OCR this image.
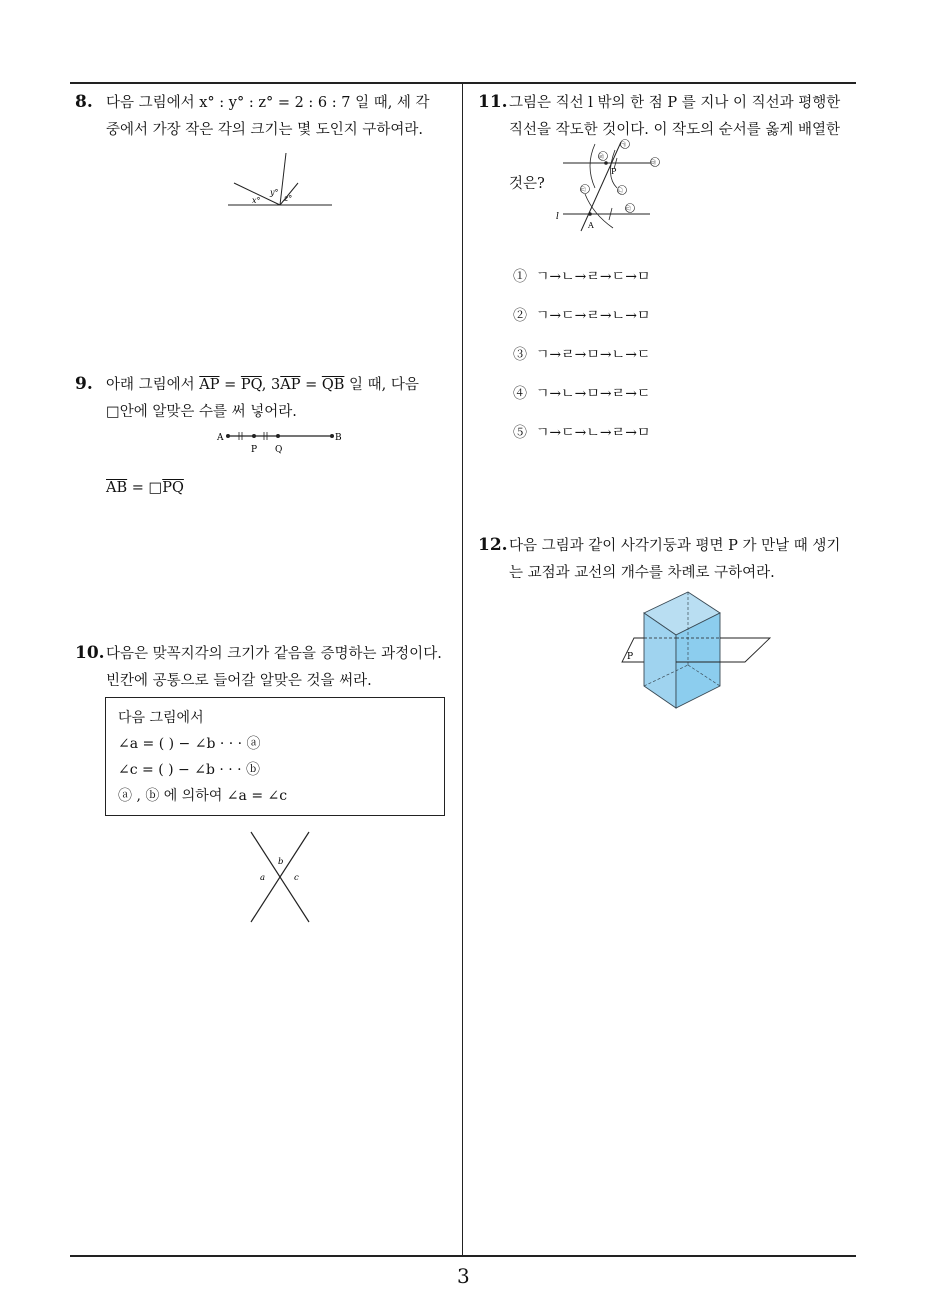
8. 다음 그림에서 x° : y° : z° = 2 : 6 : 7 일 때, 세 각
중에서 가장 작은 각의 크기는 몇 도인지 구하여라.
x°
y°
z°
9. 아래 그림에서 $\overline{AP} = \overline{PQ}$, $3\overline{AP} = \overline{QB}$ 일 때, 다음
□안에 알맞은 수를 써 넣어라.
A
P Q
B
$\overline{AB}$ = $□\overline{PQ}$
10. 다음은 맞꼭지각의 크기가 같음을 증명하는 과정이다.
빈칸에 공통으로 들어갈 알맞은 것을 써라.
다음 그림에서
∠a = ( ) − ∠b · · · ⓐ
∠c = ( ) − ∠b · · · ⓑ
ⓐ , ⓑ 에 의하여 ∠a = ∠c
b
a	c
11. 그림은 직선 l 밖의 한 점 P 를 지나 이 직선과 평행한
직선을 작도한 것이다. 이 작도의 순서를 옳게 배열한
것은?
l
A
P
㉣
㉠
㉤
㉢	㉡
㉢
①  ㄱ→ㄴ→ㄹ→ㄷ→ㅁ
②  ㄱ→ㄷ→ㄹ→ㄴ→ㅁ
③  ㄱ→ㄹ→ㅁ→ㄴ→ㄷ
④  ㄱ→ㄴ→ㅁ→ㄹ→ㄷ
⑤  ㄱ→ㄷ→ㄴ→ㄹ→ㅁ
12. 다음 그림과 같이 사각기둥과 평면 P 가 만날 때 생기
는 교점과 교선의 개수를 차례로 구하여라.
P
3
